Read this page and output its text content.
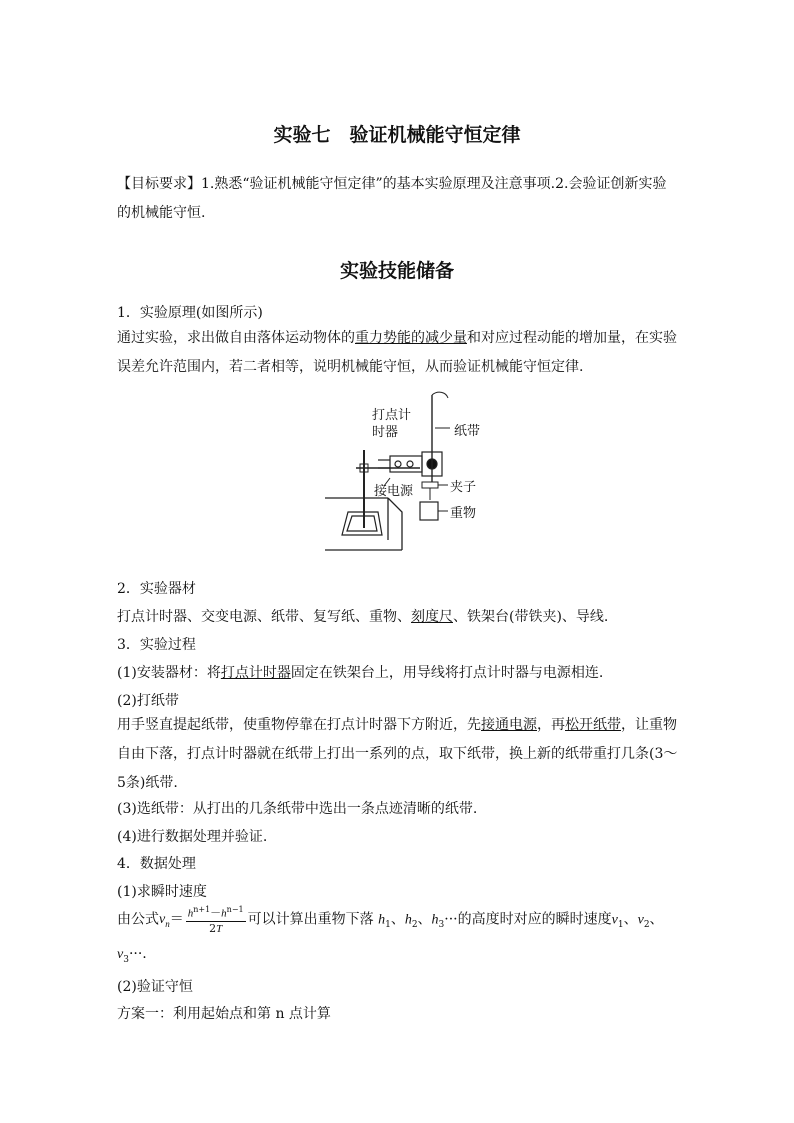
实验七　验证机械能守恒定律
【目标要求】1.熟悉“验证机械能守恒定律”的基本实验原理及注意事项.2.会验证创新实验的机械能守恒.
实验技能储备
1．实验原理(如图所示)
通过实验，求出做自由落体运动物体的重力势能的减少量和对应过程动能的增加量，在实验误差允许范围内，若二者相等，说明机械能守恒，从而验证机械能守恒定律.
打点计
时器	纸带
接电源	夹子
重物
2．实验器材
打点计时器、交变电源、纸带、复写纸、重物、刻度尺、铁架台(带铁夹)、导线.
3．实验过程
(1)安装器材：将打点计时器固定在铁架台上，用导线将打点计时器与电源相连.
(2)打纸带
用手竖直提起纸带，使重物停靠在打点计时器下方附近，先接通电源，再松开纸带，让重物自由下落，打点计时器就在纸带上打出一系列的点，取下纸带，换上新的纸带重打几条(3～5条)纸带.
(3)选纸带：从打出的几条纸带中选出一条点迹清晰的纸带.
(4)进行数据处理并验证.
4．数据处理
(1)求瞬时速度
由公式$v_n= \frac{h^{n+1}-h^{n-1}}{2T}$ 可以计算出重物下落 $h_1$、$h_2$、$h_3\cdot\cdot\cdot$的高度时对应的瞬时速度$v_1$、$v_2$、
$v_3\cdot\cdot\cdot$.
(2)验证守恒
方案一：利用起始点和第 n 点计算
